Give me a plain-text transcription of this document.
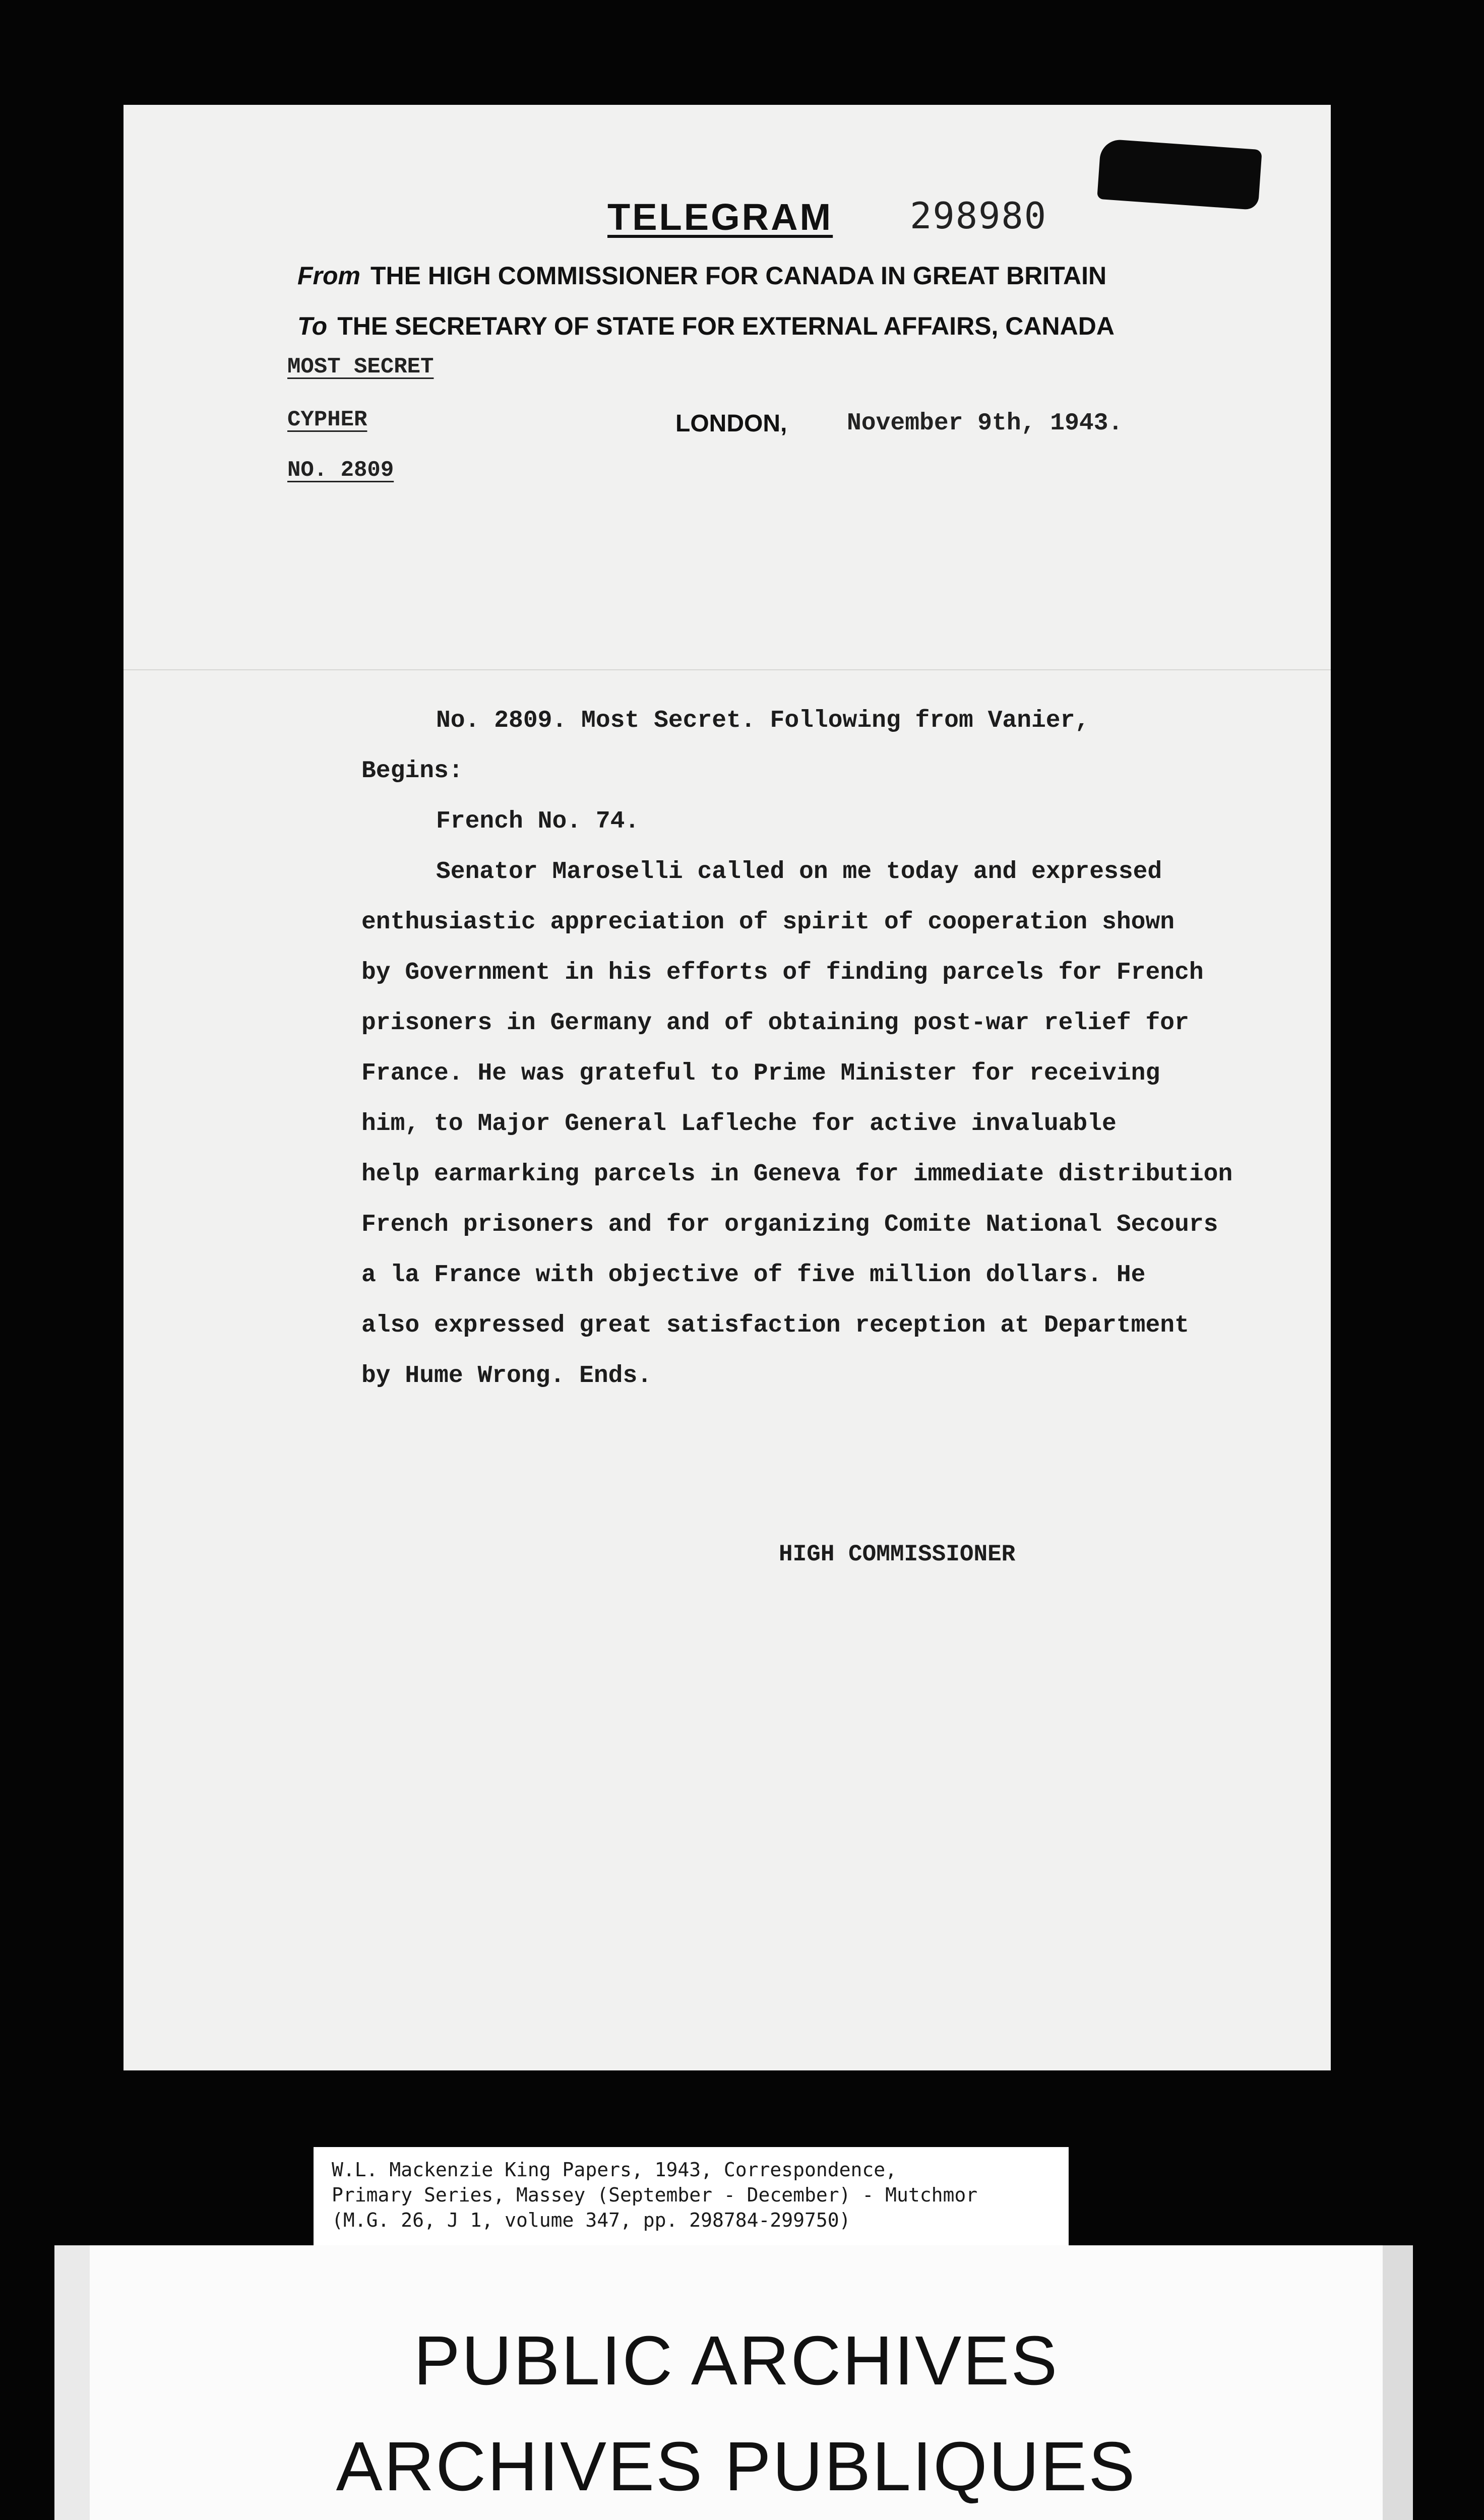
TELEGRAM 298980
From THE HIGH COMMISSIONER FOR CANADA IN GREAT BRITAIN
To THE SECRETARY OF STATE FOR EXTERNAL AFFAIRS, CANADA
MOST SECRET
CYPHER
NO. 2809
LONDON, November 9th, 1943.
No. 2809. Most Secret. Following from Vanier,
Begins:
French No. 74.
Senator Maroselli called on me today and expressed
enthusiastic appreciation of spirit of cooperation shown
by Government in his efforts of finding parcels for French
prisoners in Germany and of obtaining post-war relief for
France. He was grateful to Prime Minister for receiving
him, to Major General Lafleche for active invaluable
help earmarking parcels in Geneva for immediate distribution
French prisoners and for organizing Comite National Secours
a la France with objective of five million dollars. He
also expressed great satisfaction reception at Department
by Hume Wrong. Ends.
HIGH COMMISSIONER
W.L. Mackenzie King Papers, 1943, Correspondence,
Primary Series, Massey (September - December) - Mutchmor
(M.G. 26, J 1, volume 347, pp. 298784-299750)
PUBLIC ARCHIVES
ARCHIVES PUBLIQUES
